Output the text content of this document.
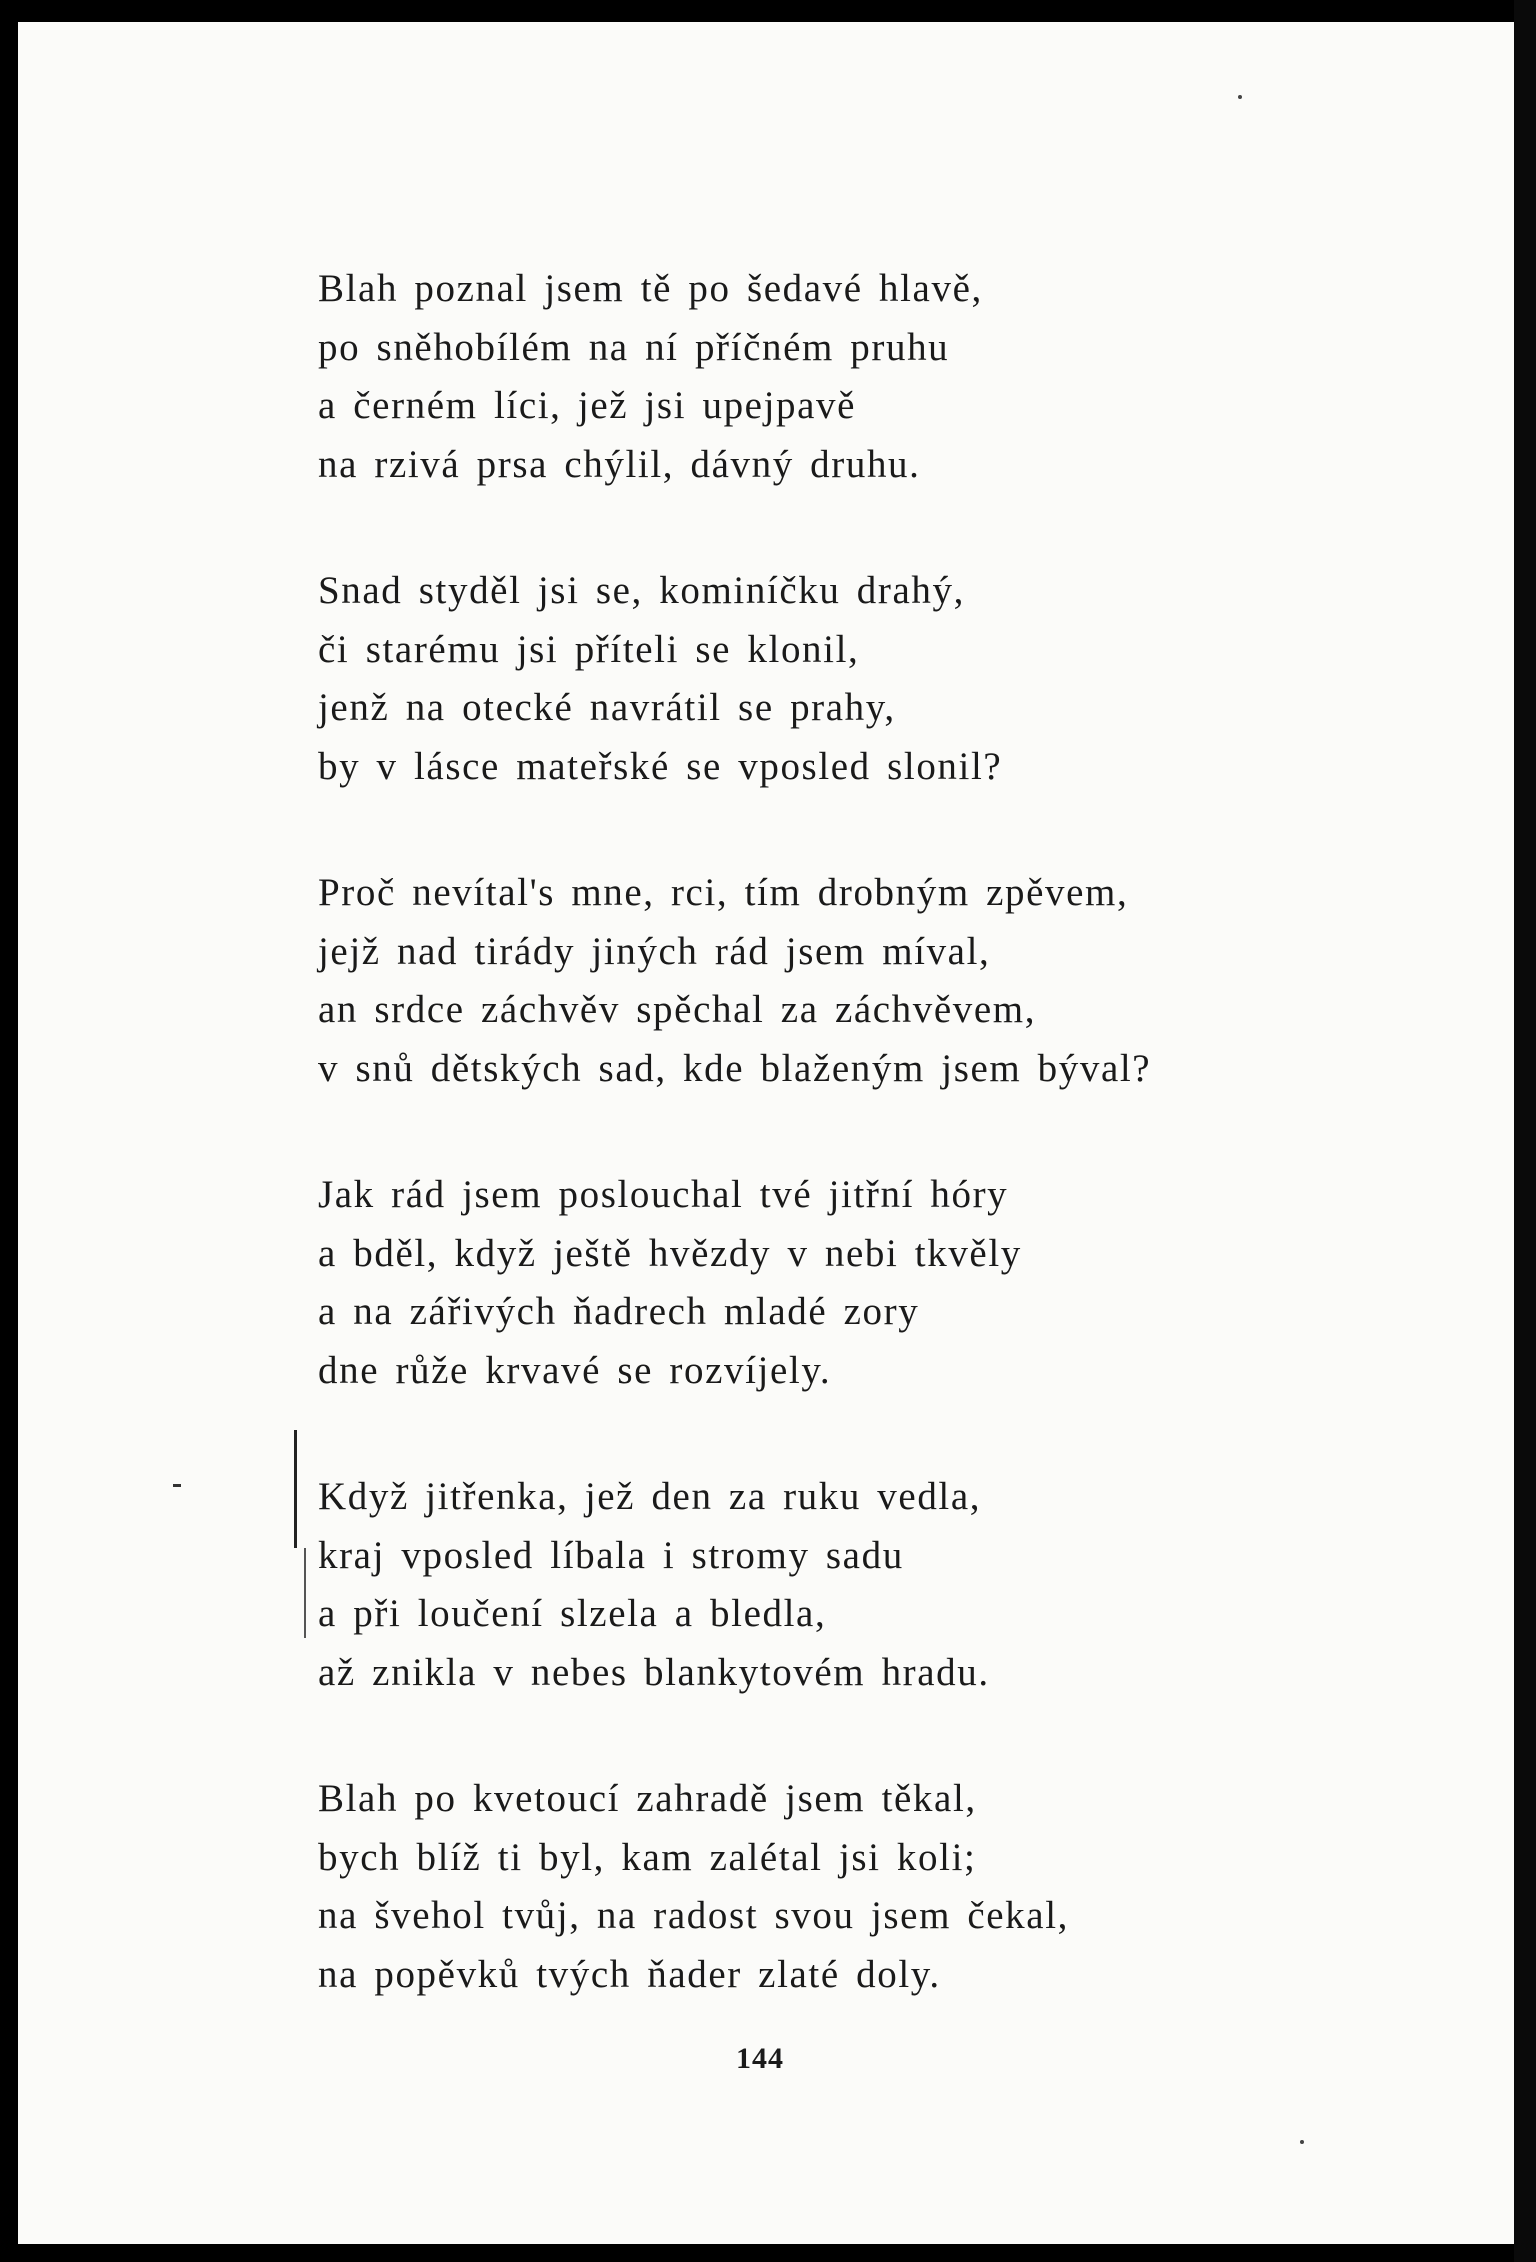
Blah poznal jsem tě po šedavé hlavě,
po sněhobílém na ní příčném pruhu
a černém líci, jež jsi upejpavě
na rzivá prsa chýlil, dávný druhu.
Snad styděl jsi se, kominíčku drahý,
či starému jsi příteli se klonil,
jenž na otecké navrátil se prahy,
by v lásce mateřské se vposled slonil?
Proč nevítal's mne, rci, tím drobným zpěvem,
jejž nad tirády jiných rád jsem míval,
an srdce záchvěv spěchal za záchvěvem,
v snů dětských sad, kde blaženým jsem býval?
Jak rád jsem poslouchal tvé jitřní hóry
a bděl, když ještě hvězdy v nebi tkvěly
a na zářivých ňadrech mladé zory
dne růže krvavé se rozvíjely.
Když jitřenka, jež den za ruku vedla,
kraj vposled líbala i stromy sadu
a při loučení slzela a bledla,
až znikla v nebes blankytovém hradu.
Blah po kvetoucí zahradě jsem těkal,
bych blíž ti byl, kam zalétal jsi koli;
na švehol tvůj, na radost svou jsem čekal,
na popěvků tvých ňader zlaté doly.
144
